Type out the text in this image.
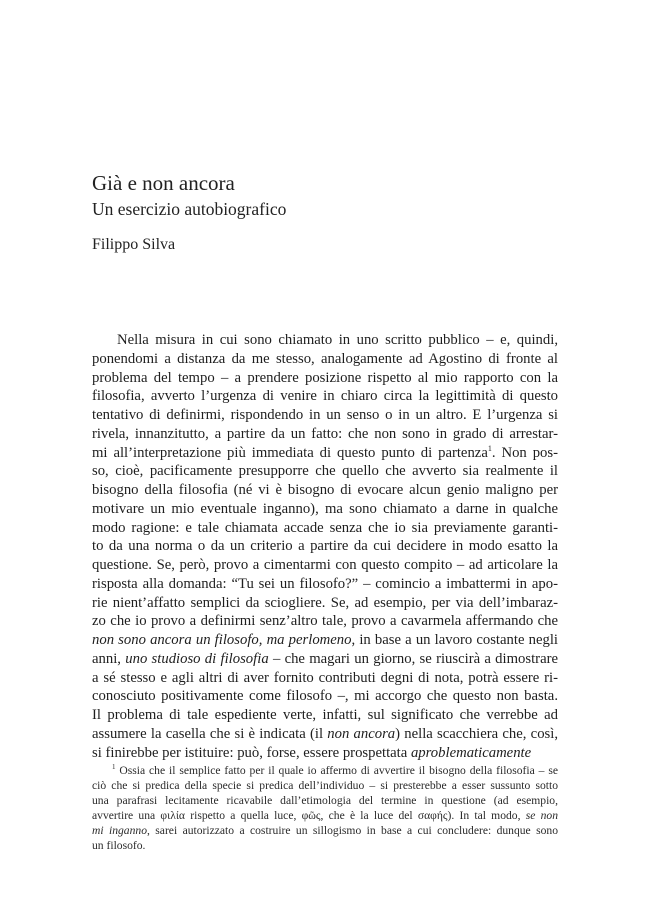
Già e non ancora
Un esercizio autobiografico
Filippo Silva
Nella misura in cui sono chiamato in uno scritto pubblico – e, quindi,
ponendomi a distanza da me stesso, analogamente ad Agostino di fronte al
problema del tempo – a prendere posizione rispetto al mio rapporto con la
filosofia, avverto l’urgenza di venire in chiaro circa la legittimità di questo
tentativo di definirmi, rispondendo in un senso o in un altro. E l’urgenza si
rivela, innanzitutto, a partire da un fatto: che non sono in grado di arrestar-
mi all’interpretazione più immediata di questo punto di partenza$^1$. Non pos-
so, cioè, pacificamente presupporre che quello che avverto sia realmente il
bisogno della filosofia (né vi è bisogno di evocare alcun genio maligno per
motivare un mio eventuale inganno), ma sono chiamato a darne in qualche
modo ragione: e tale chiamata accade senza che io sia previamente garanti-
to da una norma o da un criterio a partire da cui decidere in modo esatto la
questione. Se, però, provo a cimentarmi con questo compito – ad articolare la
risposta alla domanda: “Tu sei un filosofo?” – comincio a imbattermi in apo-
rie nient’affatto semplici da sciogliere. Se, ad esempio, per via dell’imbaraz-
zo che io provo a definirmi senz’altro tale, provo a cavarmela affermando che
non sono ancora un filosofo, ma perlomeno, in base a un lavoro costante negli
anni, uno studioso di filosofia – che magari un giorno, se riuscirà a dimostrare
a sé stesso e agli altri di aver fornito contributi degni di nota, potrà essere ri-
conosciuto positivamente come filosofo –, mi accorgo che questo non basta.
Il problema di tale espediente verte, infatti, sul significato che verrebbe ad
assumere la casella che si è indicata (il non ancora) nella scacchiera che, così,
si finirebbe per istituire: può, forse, essere prospettata aproblematicamente
$^1$ Ossia che il semplice fatto per il quale io affermo di avvertire il bisogno della filosofia – se
ciò che si predica della specie si predica dell’individuo – si presterebbe a esser sussunto sotto
una parafrasi lecitamente ricavabile dall’etimologia del termine in questione (ad esempio,
avvertire una φιλία rispetto a quella luce, φῶς, che è la luce del σαφής). In tal modo, se non
mi inganno, sarei autorizzato a costruire un sillogismo in base a cui concludere: dunque sono
un filosofo.
